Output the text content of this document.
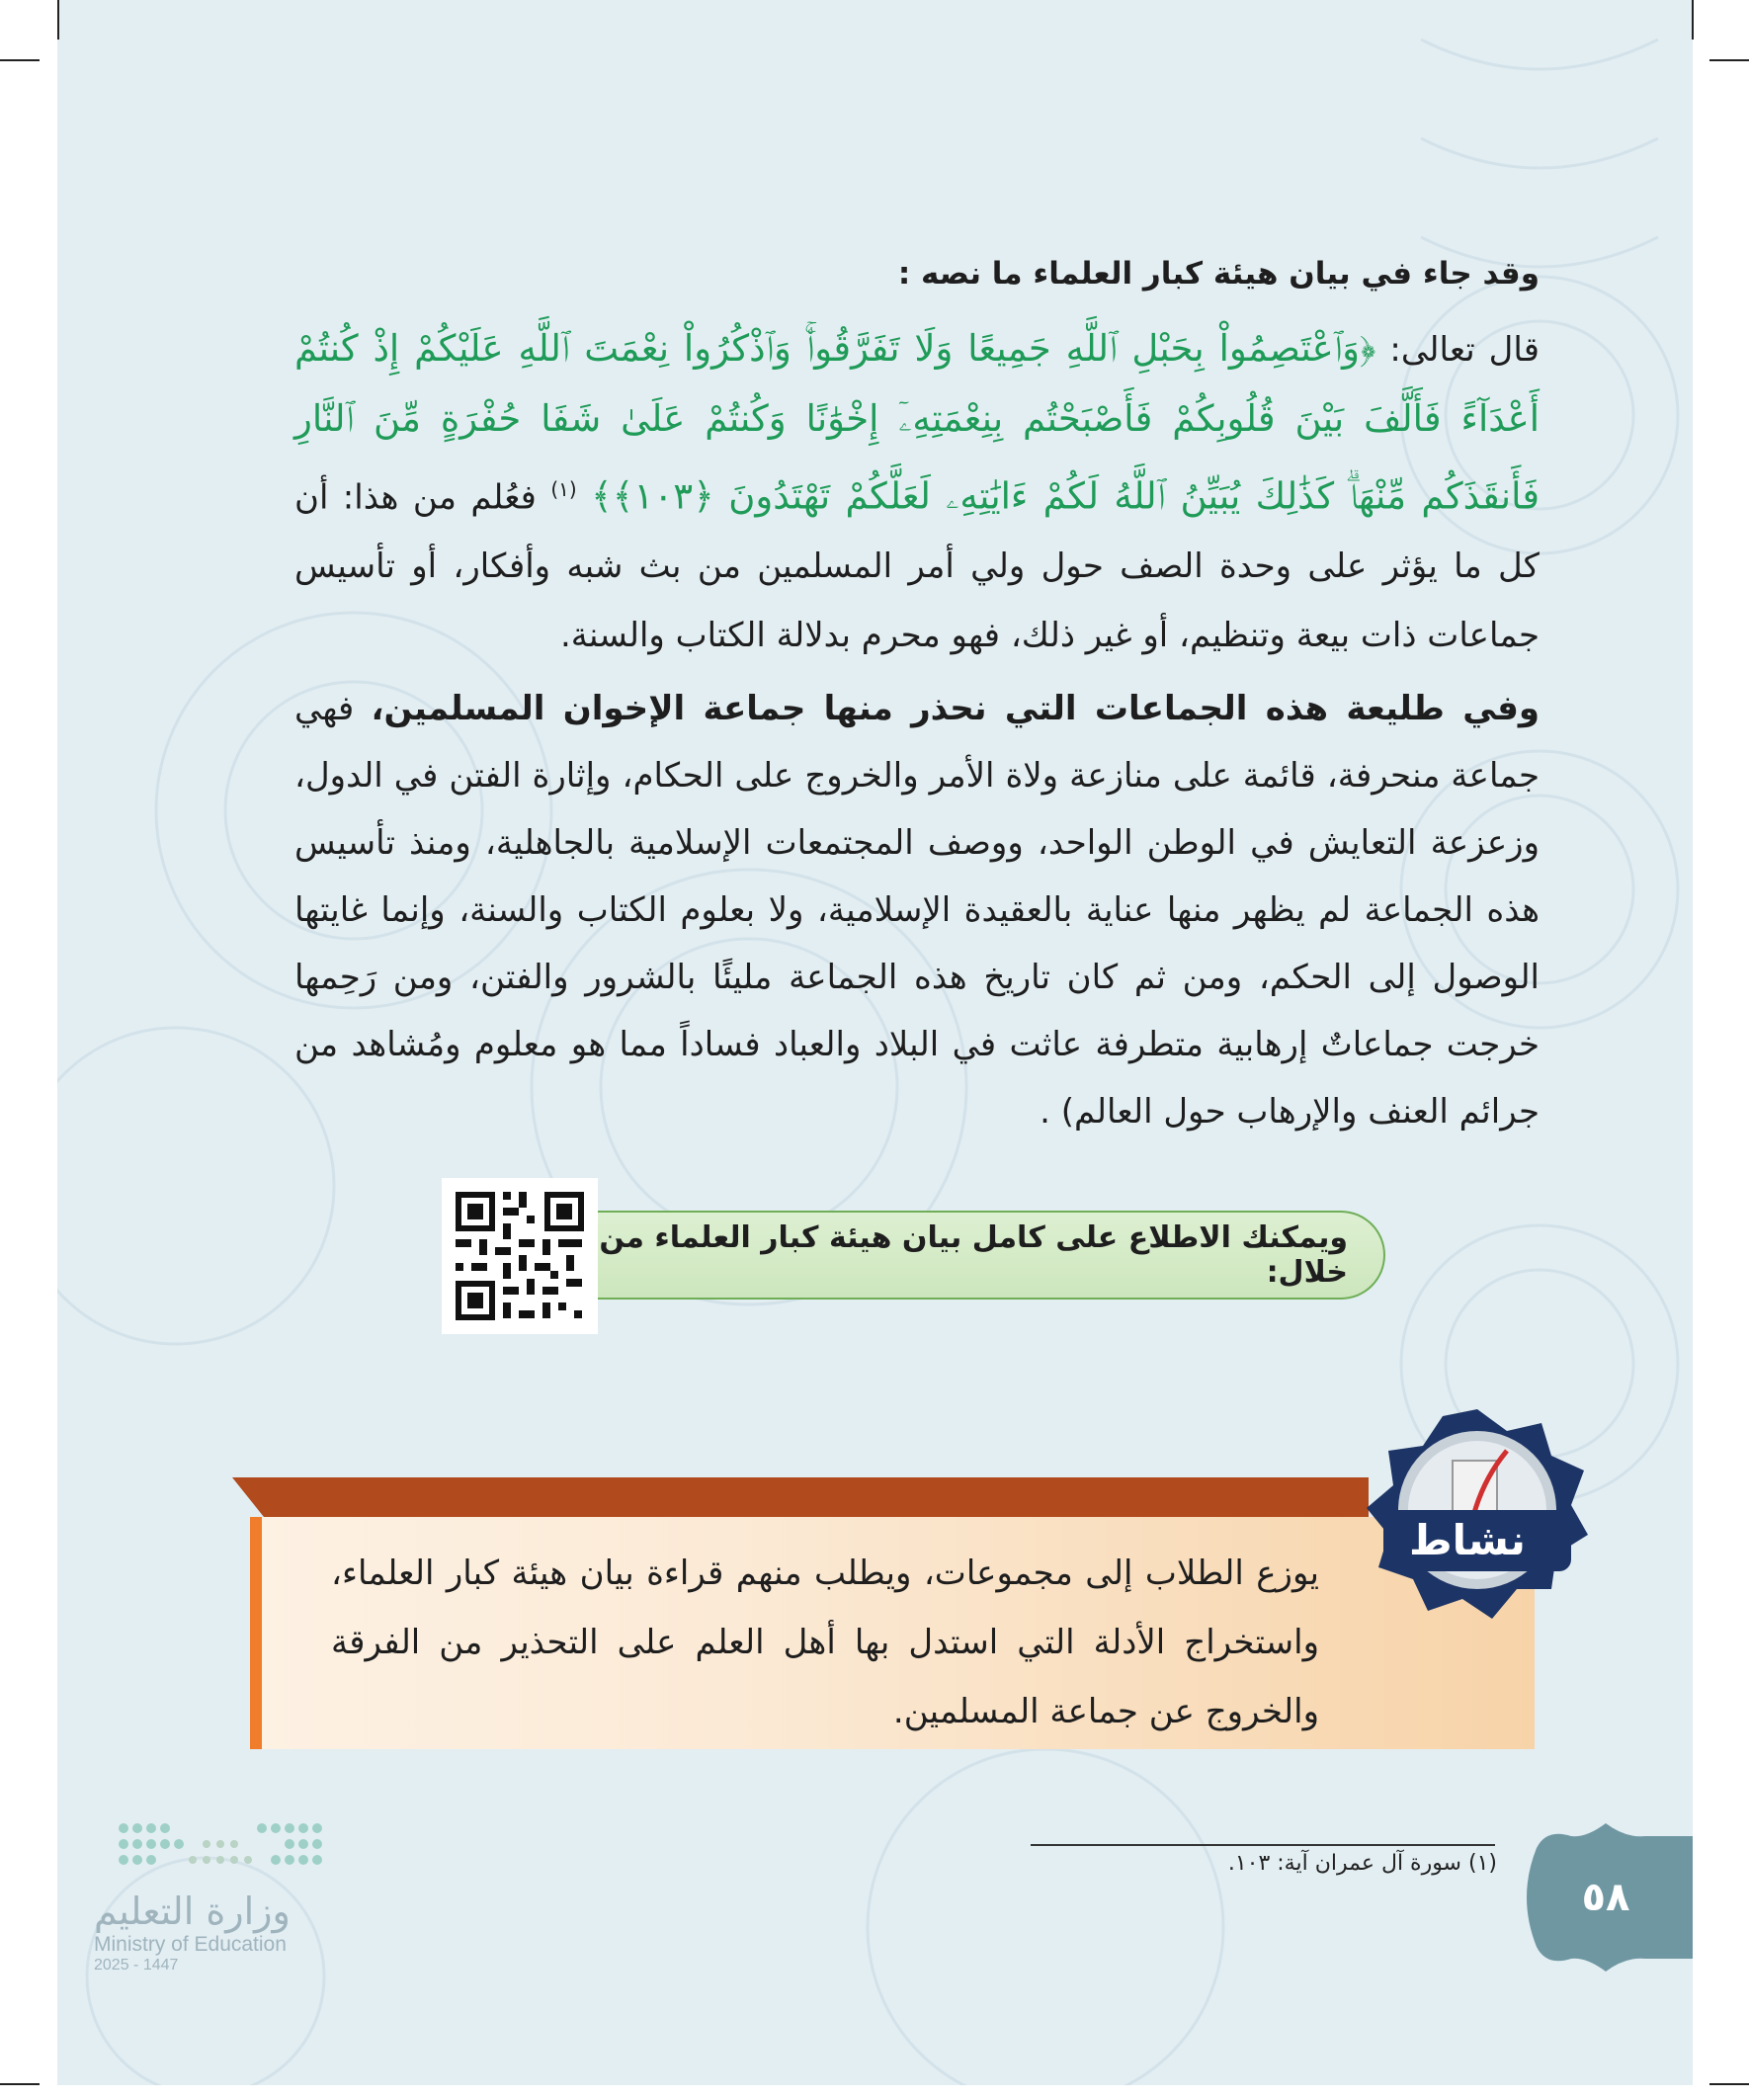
وقد جاء في بيان هيئة كبار العلماء ما نصه :
قال تعالى: ﴿وَٱعْتَصِمُواْ بِحَبْلِ ٱللَّهِ جَمِيعًا وَلَا تَفَرَّقُواْۚ وَٱذْكُرُواْ نِعْمَتَ ٱللَّهِ عَلَيْكُمْ إِذْ كُنتُمْ أَعْدَآءً فَأَلَّفَ بَيْنَ قُلُوبِكُمْ فَأَصْبَحْتُم بِنِعْمَتِهِۦٓ إِخْوَٰنًا وَكُنتُمْ عَلَىٰ شَفَا حُفْرَةٍ مِّنَ ٱلنَّارِ فَأَنقَذَكُم مِّنْهَاۗ كَذَٰلِكَ يُبَيِّنُ ٱللَّهُ لَكُمْ ءَايَٰتِهِۦ لَعَلَّكُمْ تَهْتَدُونَ ﴿١٠٣﴾﴾ $^{(١)}$ فعُلم من هذا: أن كل ما يؤثر على وحدة الصف حول ولي أمر المسلمين من بث شبه وأفكار، أو تأسيس جماعات ذات بيعة وتنظيم، أو غير ذلك، فهو محرم بدلالة الكتاب والسنة.
وفي طليعة هذه الجماعات التي نحذر منها جماعة الإخوان المسلمين، فهي جماعة منحرفة، قائمة على منازعة ولاة الأمر والخروج على الحكام، وإثارة الفتن في الدول، وزعزعة التعايش في الوطن الواحد، ووصف المجتمعات الإسلامية بالجاهلية، ومنذ تأسيس هذه الجماعة لم يظهر منها عناية بالعقيدة الإسلامية، ولا بعلوم الكتاب والسنة، وإنما غايتها الوصول إلى الحكم، ومن ثم كان تاريخ هذه الجماعة مليئًا بالشرور والفتن، ومن رَحِمها خرجت جماعاتٌ إرهابية متطرفة عاثت في البلاد والعباد فساداً مما هو معلوم ومُشاهد من جرائم العنف والإرهاب حول العالم) .
ويمكنك الاطلاع على كامل بيان هيئة كبار العلماء من خلال:
يوزع الطلاب إلى مجموعات، ويطلب منهم قراءة بيان هيئة كبار العلماء، واستخراج الأدلة التي استدل بها أهل العلم على التحذير من الفرقة والخروج عن جماعة المسلمين.
نشاط
(١) سورة آل عمران آية: ١٠٣.
٥٨
وزارة التعليم
Ministry of Education
2025 - 1447
